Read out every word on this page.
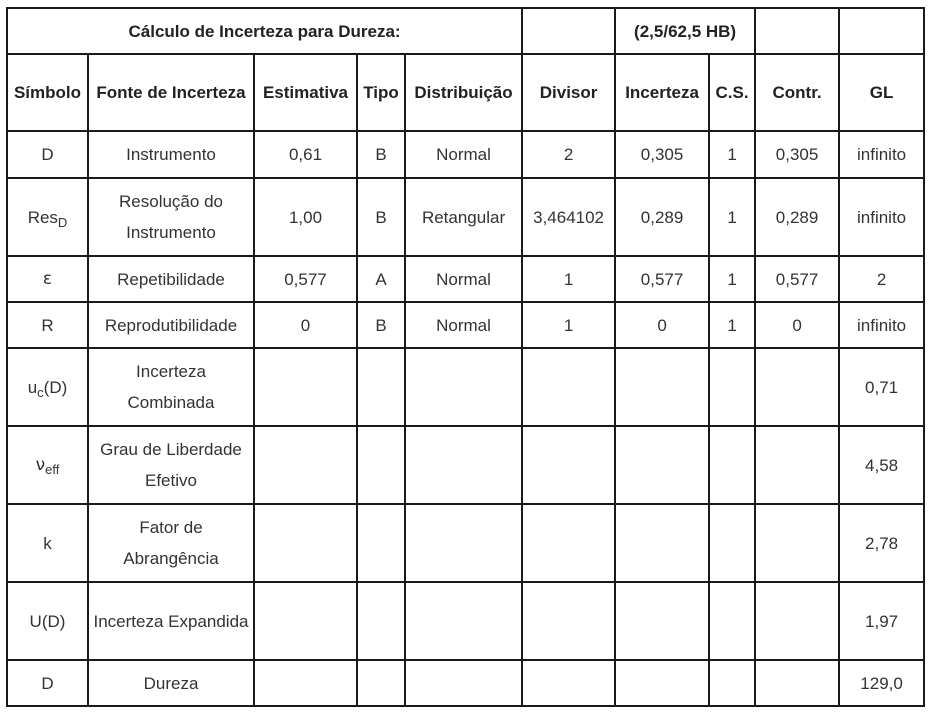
Cálculo de Incerteza para Dureza:						(2,5/62,5 HB)			
Símbolo	Fonte de Incerteza	Estimativa	Tipo	Distribuição	Divisor	Incerteza	C.S.	Contr.	GL
D	Instrumento	0,61	B	Normal	2	0,305	1	0,305	infinito
Res$_D$	Resolução do Instrumento	1,00	B	Retangular	3,464102	0,289	1	0,289	infinito
ε	Repetibilidade	0,577	A	Normal	1	0,577	1	0,577	2
R	Reprodutibilidade	0	B	Normal	1	0	1	0	infinito
$u_c(D)$	Incerteza Combinada								0,71
$\nu_{eff}$	Grau de Liberdade Efetivo								4,58
k	Fator de Abrangência								2,78
U(D)	Incerteza Expandida								1,97
D	Dureza								129,0
